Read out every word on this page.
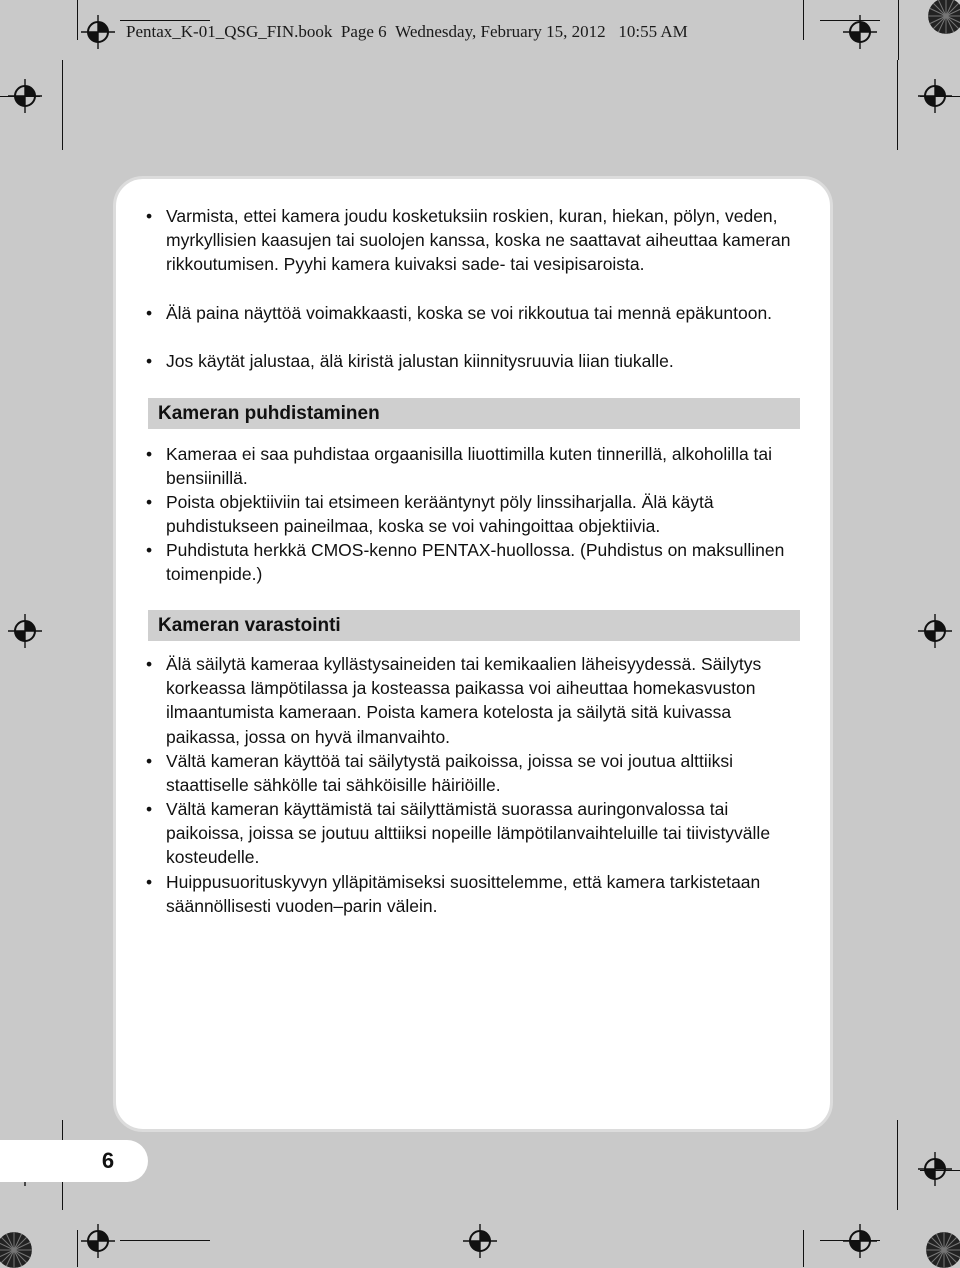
Pentax_K-01_QSG_FIN.book Page 6 Wednesday, February 15, 2012 10:55 AM
• Varmista, ettei kamera joudu kosketuksiin roskien, kuran, hiekan, pölyn, veden, myrkyllisien kaasujen tai suolojen kanssa, koska ne saattavat aiheuttaa kameran rikkoutumisen. Pyyhi kamera kuivaksi sade- tai vesipisaroista.
• Älä paina näyttöä voimakkaasti, koska se voi rikkoutua tai mennä epäkuntoon.
• Jos käytät jalustaa, älä kiristä jalustan kiinnitysruuvia liian tiukalle.
Kameran puhdistaminen
• Kameraa ei saa puhdistaa orgaanisilla liuottimilla kuten tinnerillä, alkoholilla tai bensiinillä.
• Poista objektiiviin tai etsimeen kerääntynyt pöly linssiharjalla. Älä käytä puhdistukseen paineilmaa, koska se voi vahingoittaa objektiivia.
• Puhdistuta herkkä CMOS-kenno PENTAX-huollossa. (Puhdistus on maksullinen toimenpide.)
Kameran varastointi
• Älä säilytä kameraa kyllästysaineiden tai kemikaalien läheisyydessä. Säilytys korkeassa lämpötilassa ja kosteassa paikassa voi aiheuttaa homekasvuston ilmaantumista kameraan. Poista kamera kotelosta ja säilytä sitä kuivassa paikassa, jossa on hyvä ilmanvaihto.
• Vältä kameran käyttöä tai säilytystä paikoissa, joissa se voi joutua alttiiksi staattiselle sähkölle tai sähköisille häiriöille.
• Vältä kameran käyttämistä tai säilyttämistä suorassa auringonvalossa tai paikoissa, joissa se joutuu alttiiksi nopeille lämpötilanvaihteluille tai tiivistyvälle kosteudelle.
• Huippusuorituskyvyn ylläpitämiseksi suosittelemme, että kamera tarkistetaan säännöllisesti vuoden–parin välein.
6
